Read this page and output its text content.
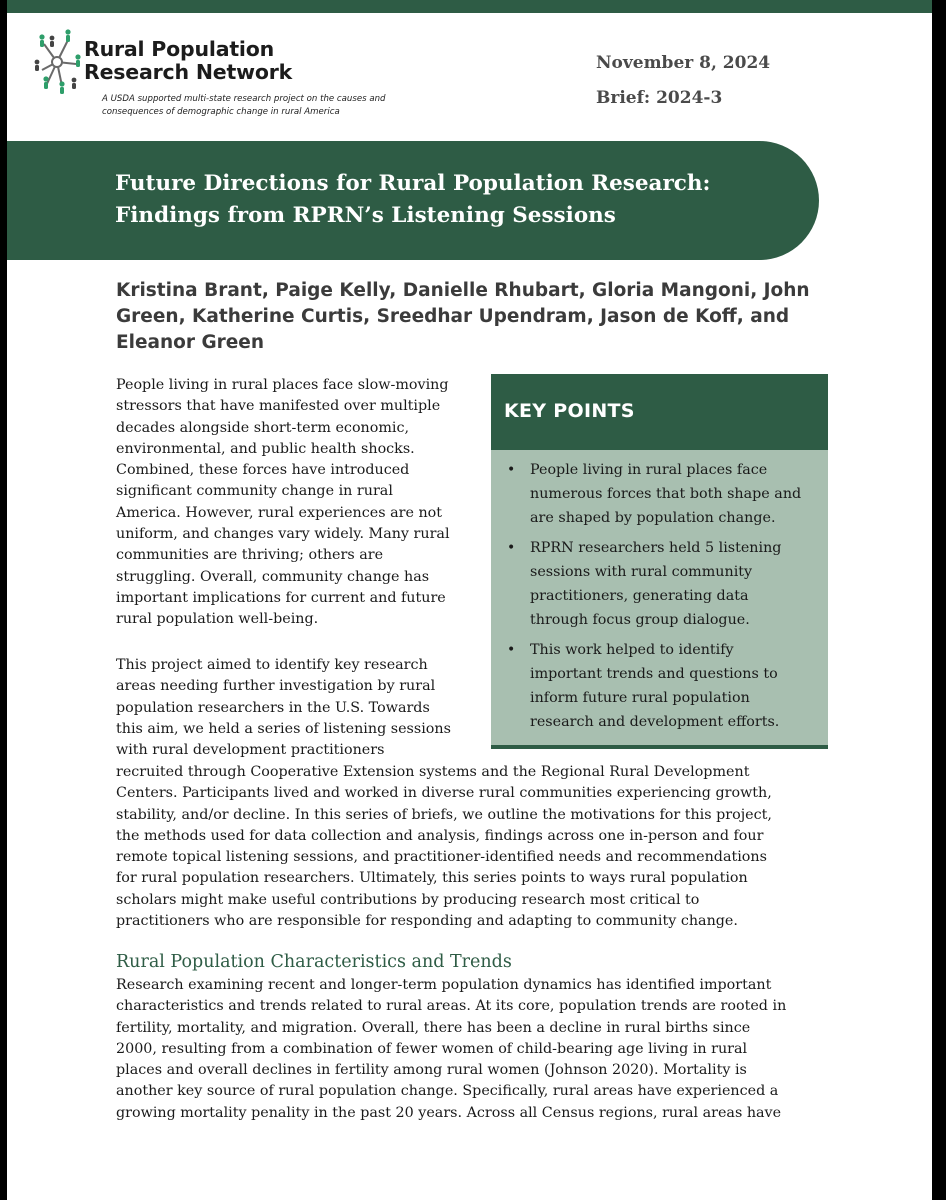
Rural Population
Research Network
A USDA supported multi-state research project on the causes and
consequences of demographic change in rural America
November 8, 2024
Brief: 2024-3
Future Directions for Rural Population Research:
Findings from RPRN’s Listening Sessions
Kristina Brant, Paige Kelly, Danielle Rhubart, Gloria Mangoni, John
Green, Katherine Curtis, Sreedhar Upendram, Jason de Koff, and
Eleanor Green
People living in rural places face slow-moving
stressors that have manifested over multiple
decades alongside short-term economic,
environmental, and public health shocks.
Combined, these forces have introduced
significant community change in rural
America. However, rural experiences are not
uniform, and changes vary widely. Many rural
communities are thriving; others are
struggling. Overall, community change has
important implications for current and future
rural population well-being.
This project aimed to identify key research
areas needing further investigation by rural
population researchers in the U.S. Towards
this aim, we held a series of listening sessions
with rural development practitioners
recruited through Cooperative Extension systems and the Regional Rural Development
Centers. Participants lived and worked in diverse rural communities experiencing growth,
stability, and/or decline. In this series of briefs, we outline the motivations for this project,
the methods used for data collection and analysis, findings across one in-person and four
remote topical listening sessions, and practitioner-identified needs and recommendations
for rural population researchers. Ultimately, this series points to ways rural population
scholars might make useful contributions by producing research most critical to
practitioners who are responsible for responding and adapting to community change.
KEY POINTS
• People living in rural places face
numerous forces that both shape and
are shaped by population change.
• RPRN researchers held 5 listening
sessions with rural community
practitioners, generating data
through focus group dialogue.
• This work helped to identify
important trends and questions to
inform future rural population
research and development efforts.
Rural Population Characteristics and Trends
Research examining recent and longer-term population dynamics has identified important
characteristics and trends related to rural areas. At its core, population trends are rooted in
fertility, mortality, and migration. Overall, there has been a decline in rural births since
2000, resulting from a combination of fewer women of child-bearing age living in rural
places and overall declines in fertility among rural women (Johnson 2020). Mortality is
another key source of rural population change. Specifically, rural areas have experienced a
growing mortality penality in the past 20 years. Across all Census regions, rural areas have
